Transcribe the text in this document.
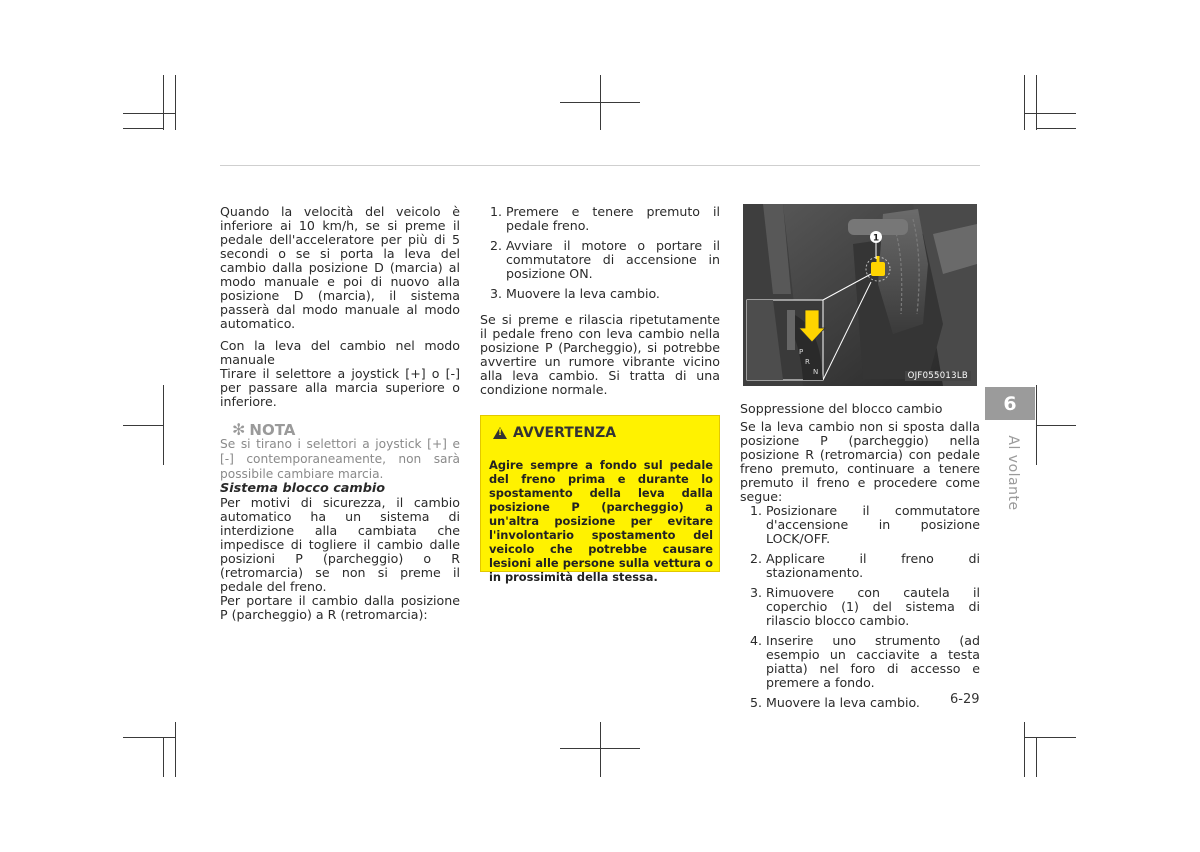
Quando la velocità del veicolo è inferiore ai 10 km/h, se si preme il pedale dell'acceleratore per più di 5 secondi o se si porta la leva del cambio dalla posizione D (marcia) al modo manuale e poi di nuovo alla posizione D (marcia), il sistema passerà dal modo manuale al modo automatico.

Con la leva del cambio nel modo manuale

Tirare il selettore a joystick [+] o [-] per passare alla marcia superiore o inferiore.

✻ NOTA

Se si tirano i selettori a joystick [+] e [-] contemporaneamente, non sarà possibile cambiare marcia.

Sistema blocco cambio

Per motivi di sicurezza, il cambio automatico ha un sistema di interdizione alla cambiata che impedisce di togliere il cambio dalle posizioni P (parcheggio) o R (retromarcia) se non si preme il pedale del freno.

Per portare il cambio dalla posizione P (parcheggio) a R (retromarcia):

1. Premere e tenere premuto il pedale freno.
2. Avviare il motore o portare il commutatore di accensione in posizione ON.
3. Muovere la leva cambio.

Se si preme e rilascia ripetutamente il pedale freno con leva cambio nella posizione P (Parcheggio), si potrebbe avvertire un rumore vibrante vicino alla leva cambio. Si tratta di una condizione normale.

!
AVVERTENZA
Agire sempre a fondo sul pedale del freno prima e durante lo spostamento della leva dalla posizione P (parcheggio) a un'altra posizione per evitare l'involontario spostamento del veicolo che potrebbe causare lesioni alle persone sulla vettura o in prossimità della stessa.
1
P
R
N	OJF055013LB

Soppressione del blocco cambio

Se la leva cambio non si sposta dalla posizione P (parcheggio) nella posizione R (retromarcia) con pedale freno premuto, continuare a tenere premuto il freno e procedere come segue:

1. Posizionare il commutatore d'accensione in posizione LOCK/OFF.
2. Applicare il freno di stazionamento.
3. Rimuovere con cautela il coperchio (1) del sistema di rilascio blocco cambio.
4. Inserire uno strumento (ad esempio un cacciavite a testa piatta) nel foro di accesso e premere a fondo.
5. Muovere la leva cambio.
6
Al volante
6-29
